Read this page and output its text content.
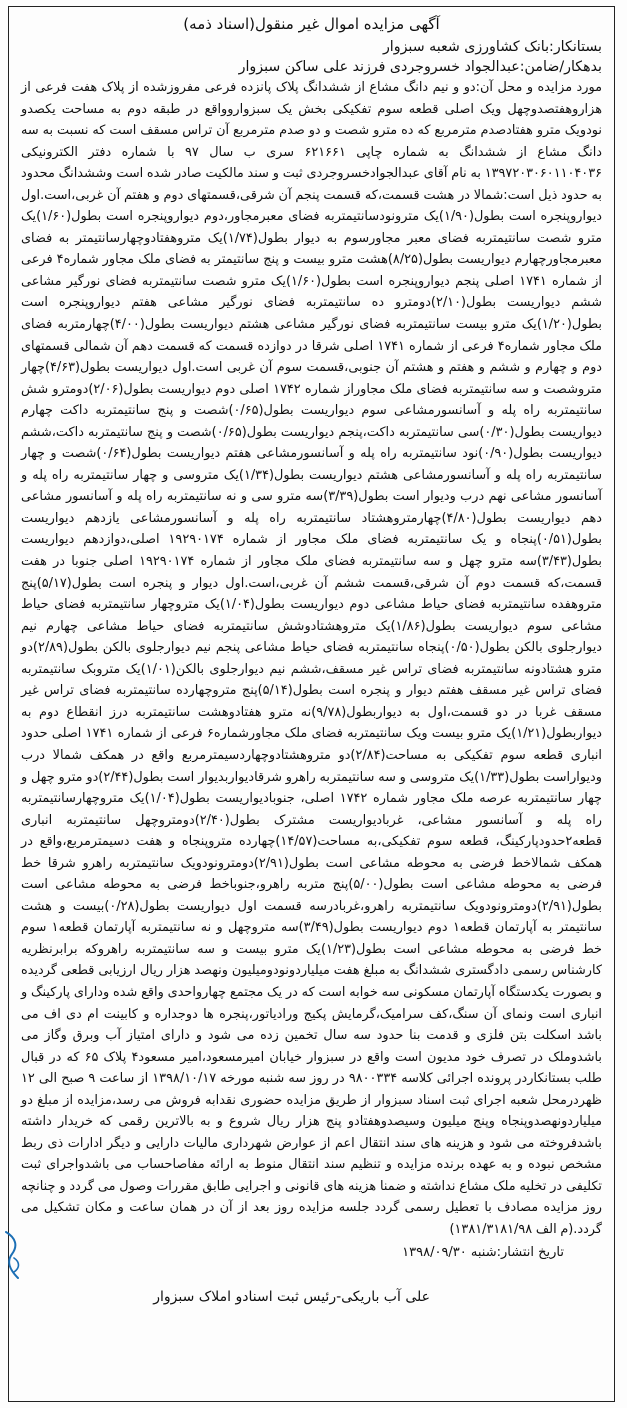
آگهی مزایده اموال غیر منقول(اسناد ذمه)

بستانکار:بانک کشاورزی شعبه سبزوار

بدهکار/ضامن:عبدالجواد خسروجردی فرزند علی ساکن سبزوار

مورد مزایده و محل آن:دو و نیم دانگ مشاع از ششدانگ پلاک پانزده فرعی مفروزشده از پلاک هفت فرعی از هزاروهفتصدوچهل ویک اصلی قطعه سوم تفکیکی بخش یک سبزواروواقع در طبقه دوم به مساحت یکصدو نودویک مترو هفتادصدم مترمربع که ده مترو شصت و دو صدم مترمربع آن تراس مسقف است که نسبت به سه دانگ مشاع از ششدانگ به شماره چاپی ۶۲۱۶۶۱ سری ب سال ۹۷ با شماره دفتر الکترونیکی ۱۳۹۷۲۰۳۰۶۰۱۱۰۴۰۳۶ به نام آقای عبدالجوادخسروجردی ثبت و سند مالکیت صادر شده است وششدانگ محدود به حدود ذیل است:شمالا در هشت قسمت،که قسمت پنجم آن شرقی،قسمتهای دوم و هفتم آن غربی،است.اول دیواروپنجره است بطول(۱/۹۰)یک مترونودسانتیمتربه فضای معبرمجاور،دوم دیواروپنجره است بطول(۱/۶۰)یک مترو شصت سانتیمتربه فضای معبر مجاورسوم به دیوار بطول(۱/۷۴)یک متروهفتادوچهارسانتیمتر به فضای معبرمجاورچهارم دیواریست بطول(۸/۲۵)هشت مترو بیست و پنج سانتیمتر به فضای ملک مجاور شماره۴ فرعی از شماره ۱۷۴۱ اصلی پنجم دیواروپنجره است بطول(۱/۶۰)یک مترو شصت سانتیمتربه فضای نورگیر مشاعی ششم دیواریست بطول(۲/۱۰)دومترو ده سانتیمتربه فضای نورگیر مشاعی هفتم دیواروپنجره است بطول(۱/۲۰)یک مترو بیست سانتیمتربه فضای نورگیر مشاعی هشتم دیواریست بطول(۴/۰۰)چهارمتربه فضای ملک مجاور شماره۴ فرعی از شماره ۱۷۴۱ اصلی شرقا در دوازده قسمت که قسمت دهم آن شمالی قسمتهای دوم و چهارم و ششم و هفتم و هشتم آن جنوبی،قسمت سوم آن غربی است.اول دیواریست بطول(۴/۶۳)چهار متروشصت و سه سانتیمتربه فضای ملک مجاوراز شماره ۱۷۴۲ اصلی دوم دیواریست بطول(۲/۰۶)دومترو شش سانتیمتربه راه پله و آسانسورمشاعی سوم دیواریست بطول(۰/۶۵)شصت و پنج سانتیمتربه داکت چهارم دیواریست بطول(۰/۳۰)سی سانتیمتربه داکت،پنجم دیواریست بطول(۰/۶۵)شصت و پنج سانتیمتربه داکت،ششم دیواریست بطول(۰/۹۰)نود سانتیمتربه راه پله و آسانسورمشاعی هفتم دیواریست بطول(۰/۶۴)شصت و چهار سانتیمتربه راه پله و آسانسورمشاعی هشتم دیواریست بطول(۱/۳۴)یک متروسی و چهار سانتیمتربه راه پله و آسانسور مشاعی نهم درب ودیوار است بطول(۳/۳۹)سه مترو سی و نه سانتیمتربه راه پله و آسانسور مشاعی دهم دیواریست بطول(۴/۸۰)چهارمتروهشتاد سانتیمتربه راه پله و آسانسورمشاعی یازدهم دیواریست بطول(۰/۵۱)پنجاه و یک سانتیمتربه فضای ملک مجاور از شماره ۱۹۲۹۰۱۷۴ اصلی،دوازدهم دیواریست بطول(۳/۴۳)سه مترو چهل و سه سانتیمتربه فضای ملک مجاور از شماره ۱۹۲۹۰۱۷۴ اصلی جنوبا در هفت قسمت،که قسمت دوم آن شرقی،قسمت ششم آن غربی،است.اول دیوار و پنجره است بطول(۵/۱۷)پنج متروهفده سانتیمتربه فضای حیاط مشاعی دوم دیواریست بطول(۱/۰۴)یک متروچهار سانتیمتربه فضای حیاط مشاعی سوم دیواریست بطول(۱/۸۶)یک متروهشتادوشش سانتیمتربه فضای حیاط مشاعی چهارم نیم دیوارجلوی بالکن بطول(۰/۵۰)پنجاه سانتیمتربه فضای حیاط مشاعی پنجم نیم دیوارجلوی بالکن بطول(۲/۸۹)دو مترو هشتادونه سانتیمتربه فضای تراس غیر مسقف،ششم نیم دیوارجلوی بالکن(۱/۰۱)یک متروبک سانتیمتربه فضای تراس غیر مسقف هفتم دیوار و پنجره است بطول(۵/۱۴)پنج متروچهارده سانتیمتربه فضای تراس غیر مسقف غربا در دو قسمت،اول به دیواربطول(۹/۷۸)نه مترو هفتادوهشت سانتیمتربه درز انقطاع دوم به دیواربطول(۱/۲۱)یک مترو بیست ویک سانتیمتربه فضای ملک مجاورشماره۶ فرعی از شماره ۱۷۴۱ اصلی حدود انباری قطعه سوم تفکیکی به مساحت(۲/۸۴)دو متروهشتادوچهاردسیمترمربع واقع در همکف شمالا درب ودیواراست بطول(۱/۳۳)یک متروسی و سه سانتیمتربه راهرو شرقادیواربدیوار است بطول(۲/۴۴)دو مترو چهل و چهار سانتیمتربه عرصه ملک مجاور شماره ۱۷۴۲ اصلی، جنوبادیواریست بطول(۱/۰۴)یک متروچهارسانتیمتربه راه پله و آسانسور مشاعی، غربادیواریست مشترک بطول(۲/۴۰)دومتروچهل سانتیمتربه انباری قطعه۲حدودپارکینگ، قطعه سوم تفکیکی،به مساحت(۱۴/۵۷)چهارده متروپنجاه و هفت دسیمترمربع،واقع در همکف شمالاخط فرضی به محوطه مشاعی است بطول(۲/۹۱)دومترونودویک سانتیمتربه راهرو شرقا خط فرضی به محوطه مشاعی است بطول(۵/۰۰)پنج متربه راهرو،جنوباخط فرضی به محوطه مشاعی است بطول(۲/۹۱)دومترونودویک سانتیمتربه راهرو،غربادرسه قسمت اول دیواریست بطول(۰/۲۸)بیست و هشت سانتیمتر به آپارتمان قطعه۱ دوم دیواریست بطول(۳/۴۹)سه متروچهل و نه سانتیمتربه آپارتمان قطعه۱ سوم خط فرضی به محوطه مشاعی است بطول(۱/۲۳)یک مترو بیست و سه سانتیمتربه راهروکه برابرنظریه کارشناس رسمی دادگستری ششدانگ به مبلغ هفت میلیاردونودومیلیون ونهصد هزار ریال ارزیابی قطعی گردیده و بصورت یکدستگاه آپارتمان مسکونی سه خوابه است که در یک مجتمع چهارواحدی واقع شده ودارای پارکینگ و انباری است ونمای آن سنگ،کف سرامیک،گرمایش پکیج ورادیاتور،پنجره ها دوجداره و کابینت ام دی اف می باشد اسکلت بتن فلزی و قدمت بنا حدود سه سال تخمین زده می شود و دارای امتیاز آب وبرق وگاز می باشدوملک در تصرف خود مدیون است واقع در سبزوار خیابان امیرمسعود،امیر مسعود۴ پلاک ۶۵ که در قبال طلب بستانکاردر پرونده اجرائی کلاسه ۹۸۰۰۳۳۴ در روز سه شنبه مورخه ۱۳۹۸/۱۰/۱۷ از ساعت ۹ صبح الی ۱۲ ظهردرمحل شعبه اجرای ثبت اسناد سبزوار از طریق مزایده حضوری نقدابه فروش می رسد،مزایده از مبلغ دو میلیاردونهصدوپنجاه وپنج میلیون وسیصدوهفتادو پنج هزار ریال شروع و به بالاترین رقمی که خریدار داشته باشدفروخته می شود و هزینه های سند انتقال اعم از عوارض شهرداری مالیات دارایی و دیگر ادارات ذی ربط مشخص نبوده و به عهده برنده مزایده و تنظیم سند انتقال منوط به ارائه مفاصاحساب می باشدواجرای ثبت تکلیفی در تخلیه ملک مشاع نداشته و ضمنا هزینه های قانونی و اجرایی طابق مقررات وصول می گردد و چنانچه روز مزایده مصادف با تعطیل رسمی گردد جلسه مزایده روز بعد از آن در همان ساعت و مکان تشکیل می گردد.(م الف ۱۳۸۱/۳۱۸۱/۹۸)

تاریخ انتشار:شنبه ۱۳۹۸/۰۹/۳۰

علی آب باریکی-رئیس ثبت اسنادو املاک سبزوار
